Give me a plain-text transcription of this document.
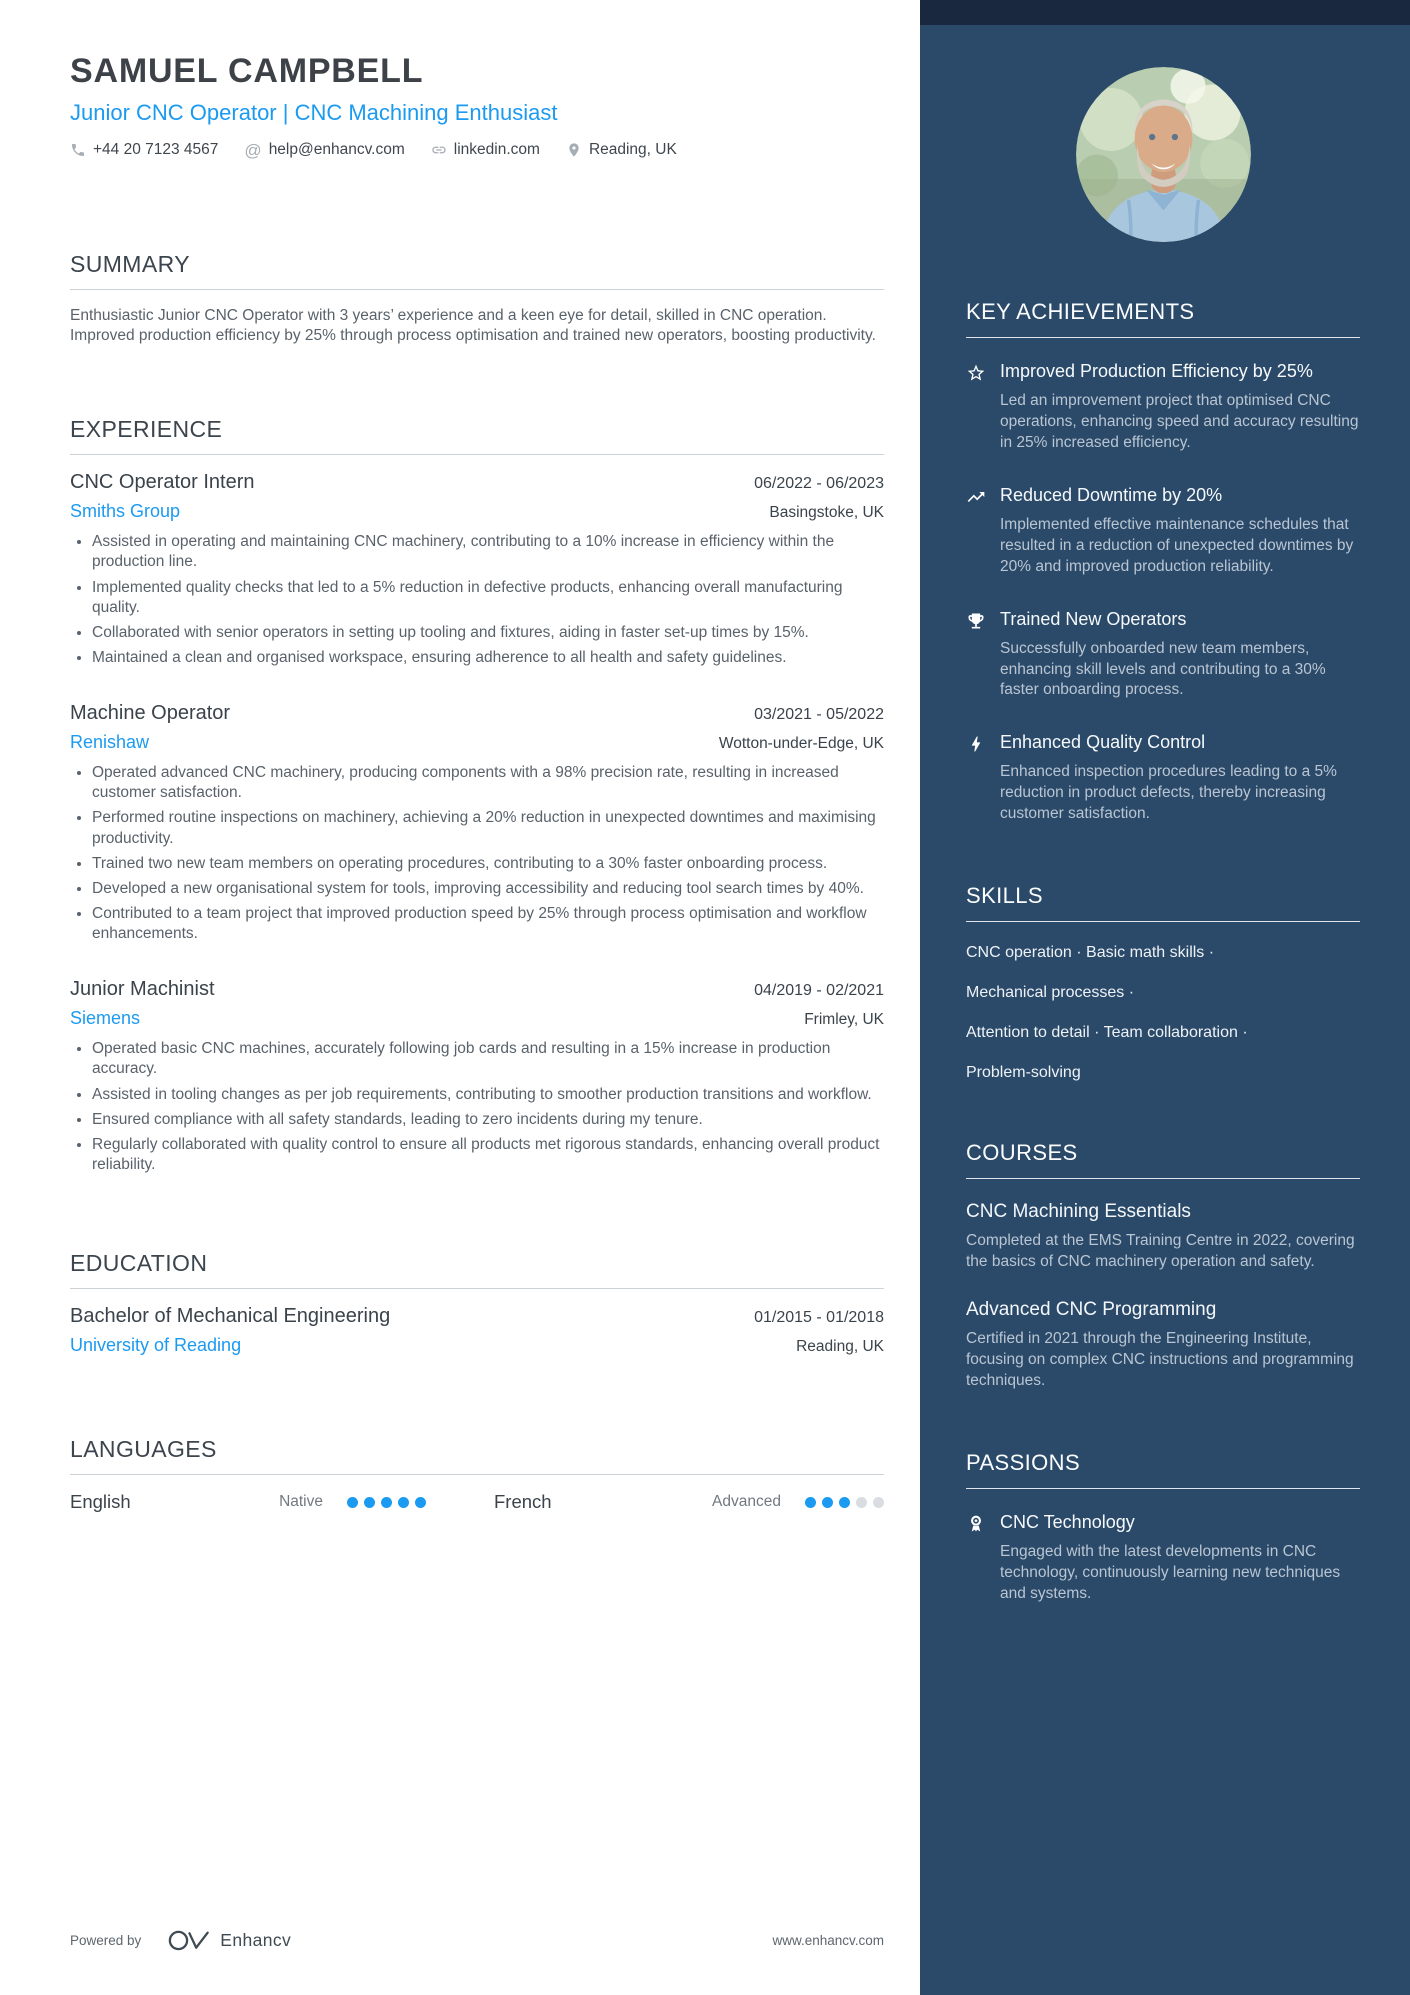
SAMUEL CAMPBELL
Junior CNC Operator | CNC Machining Enthusiast
+44 20 7123 4567 @ help@enhancv.com	linkedin.com	Reading, UK
SUMMARY
Enthusiastic Junior CNC Operator with 3 years’ experience and a keen eye for detail, skilled in CNC operation. Improved production efficiency by 25% through process optimisation and trained new operators, boosting productivity.
EXPERIENCE
CNC Operator Intern	06/2022 - 06/2023
Smiths Group	Basingstoke, UK
• Assisted in operating and maintaining CNC machinery, contributing to a 10% increase in efficiency within the production line.
• Implemented quality checks that led to a 5% reduction in defective products, enhancing overall manufacturing quality.
• Collaborated with senior operators in setting up tooling and fixtures, aiding in faster set-up times by 15%.
• Maintained a clean and organised workspace, ensuring adherence to all health and safety guidelines.
Machine Operator	03/2021 - 05/2022
Renishaw	Wotton-under-Edge, UK
• Operated advanced CNC machinery, producing components with a 98% precision rate, resulting in increased customer satisfaction.
• Performed routine inspections on machinery, achieving a 20% reduction in unexpected downtimes and maximising productivity.
• Trained two new team members on operating procedures, contributing to a 30% faster onboarding process.
• Developed a new organisational system for tools, improving accessibility and reducing tool search times by 40%.
• Contributed to a team project that improved production speed by 25% through process optimisation and workflow enhancements.
Junior Machinist	04/2019 - 02/2021
Siemens	Frimley, UK
• Operated basic CNC machines, accurately following job cards and resulting in a 15% increase in production accuracy.
• Assisted in tooling changes as per job requirements, contributing to smoother production transitions and workflow.
• Ensured compliance with all safety standards, leading to zero incidents during my tenure.
• Regularly collaborated with quality control to ensure all products met rigorous standards, enhancing overall product reliability.
EDUCATION
Bachelor of Mechanical Engineering	01/2015 - 01/2018
University of Reading	Reading, UK
LANGUAGES
English	Native	French	Advanced
Powered by	Enhancv	www.enhancv.com
KEY ACHIEVEMENTS
Improved Production Efficiency by 25%
Led an improvement project that optimised CNC operations, enhancing speed and accuracy resulting in 25% increased efficiency.
Reduced Downtime by 20%
Implemented effective maintenance schedules that resulted in a reduction of unexpected downtimes by 20% and improved production reliability.
Trained New Operators
Successfully onboarded new team members, enhancing skill levels and contributing to a 30% faster onboarding process.
Enhanced Quality Control
Enhanced inspection procedures leading to a 5% reduction in product defects, thereby increasing customer satisfaction.
SKILLS
CNC operation · Basic math skills ·
Mechanical processes ·
Attention to detail · Team collaboration ·
Problem-solving
COURSES
CNC Machining Essentials
Completed at the EMS Training Centre in 2022, covering the basics of CNC machinery operation and safety.
Advanced CNC Programming
Certified in 2021 through the Engineering Institute, focusing on complex CNC instructions and programming techniques.
PASSIONS
CNC Technology
Engaged with the latest developments in CNC technology, continuously learning new techniques and systems.
